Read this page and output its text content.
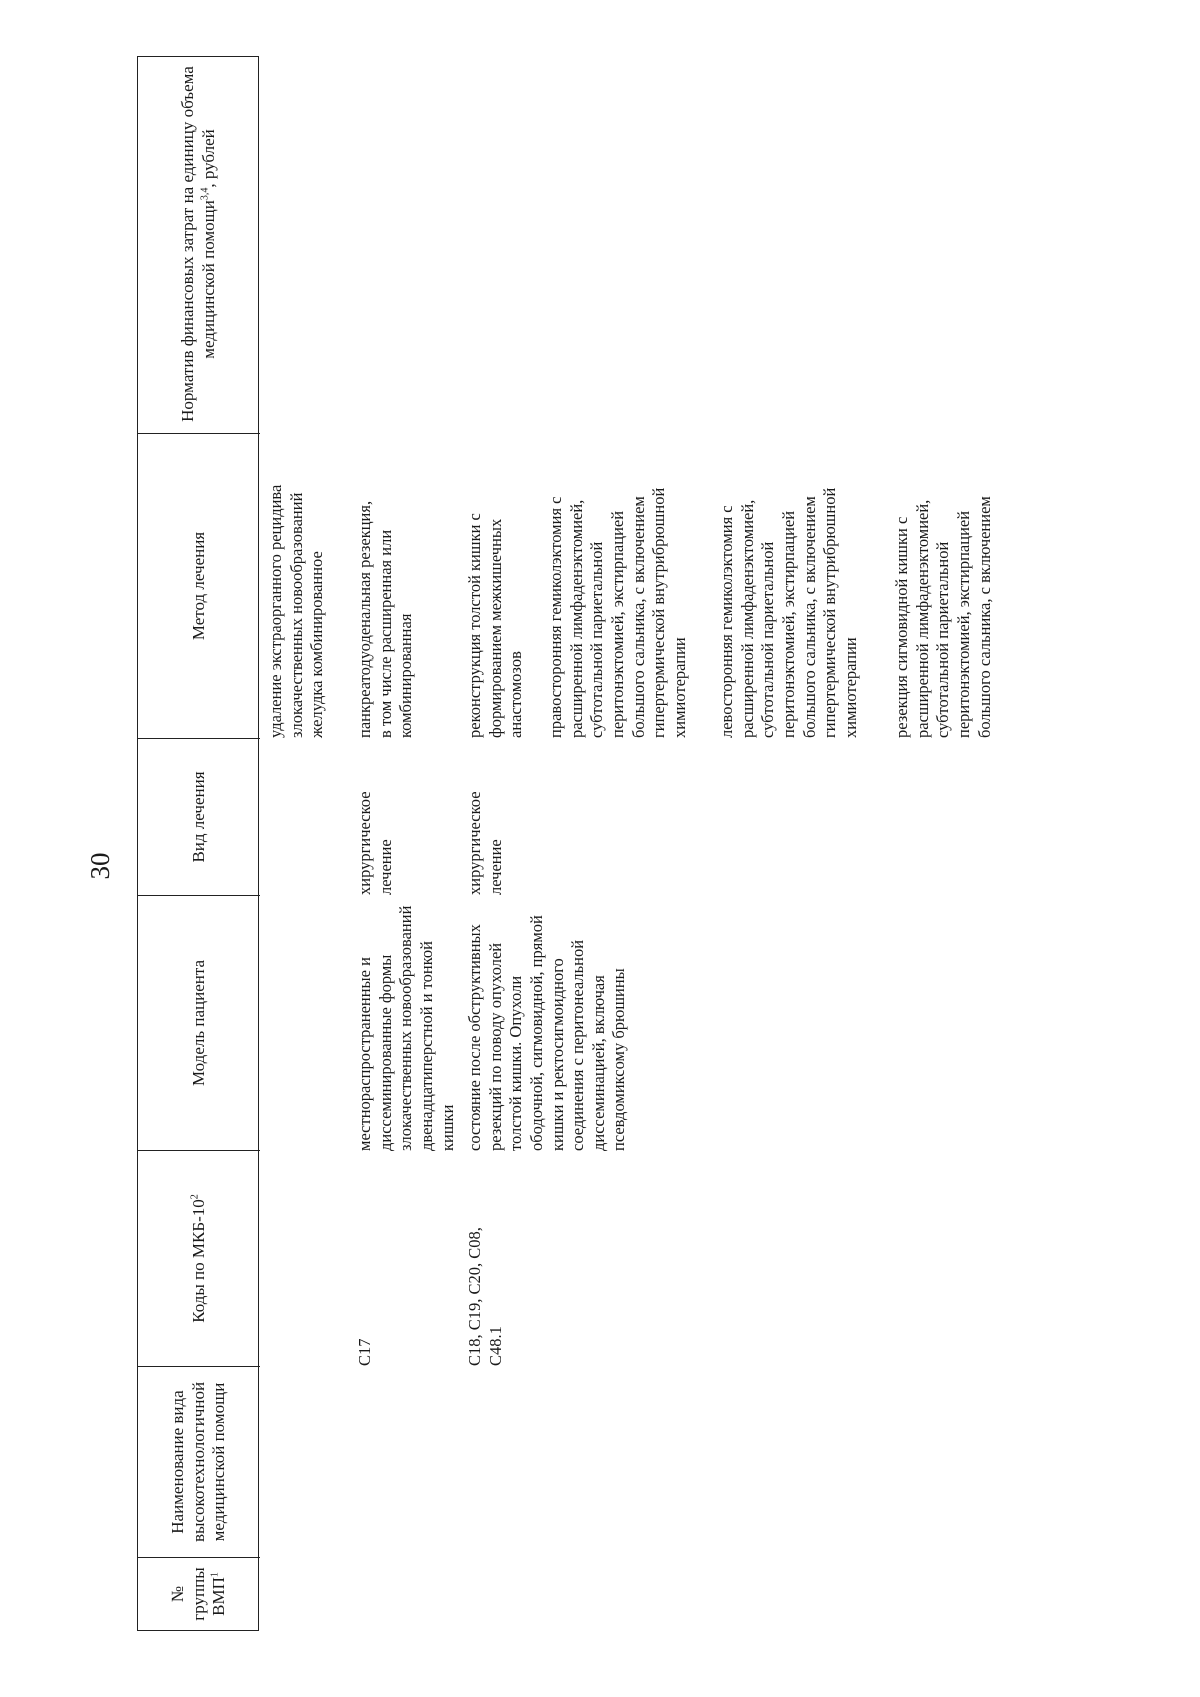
30
№ группы ВМП$^1$
Наименование вида высокотехнологичной медицинской помощи
Коды по МКБ-$10^2$
Модель пациента
Вид лечения
Метод лечения
Норматив финансовых затрат на единицу объема медицинской помощи$^{3,4}$, рублей
удаление экстраорганного рецидива
злокачественных новообразований
желудка комбинированное
C17
местнораспространенные и
диссеминированные формы
злокачественных новообразований
двенадцатиперстной и тонкой
кишки
хирургическое
лечение
панкреатодуоденальная резекция,
в том числе расширенная или
комбинированная
C18, C19, C20, C08,
C48.1
состояние после обструктивных
резекций по поводу опухолей
толстой кишки. Опухоли
ободочной, сигмовидной, прямой
кишки и ректосигмоидного
соединения с перитонеальной
диссеминацией, включая
псевдомиксому брюшины
хирургическое
лечение
реконструкция толстой кишки с
формированием межкишечных
анастомозов правосторонняя гемиколэктомия с
расширенной лимфаденэктомией,
субтотальной париетальной
перитонэктомией, экстирпацией
большого сальника, с включением
гипертермической внутрибрюшной
химиотерапии левосторонняя гемиколэктомия с
расширенной лимфаденэктомией,
субтотальной париетальной
перитонэктомией, экстирпацией
большого сальника, с включением
гипертермической внутрибрюшной
химиотерапии резекция сигмовидной кишки с
расширенной лимфаденэктомией,
субтотальной париетальной
перитонэктомией, экстирпацией
большого сальника, с включением
